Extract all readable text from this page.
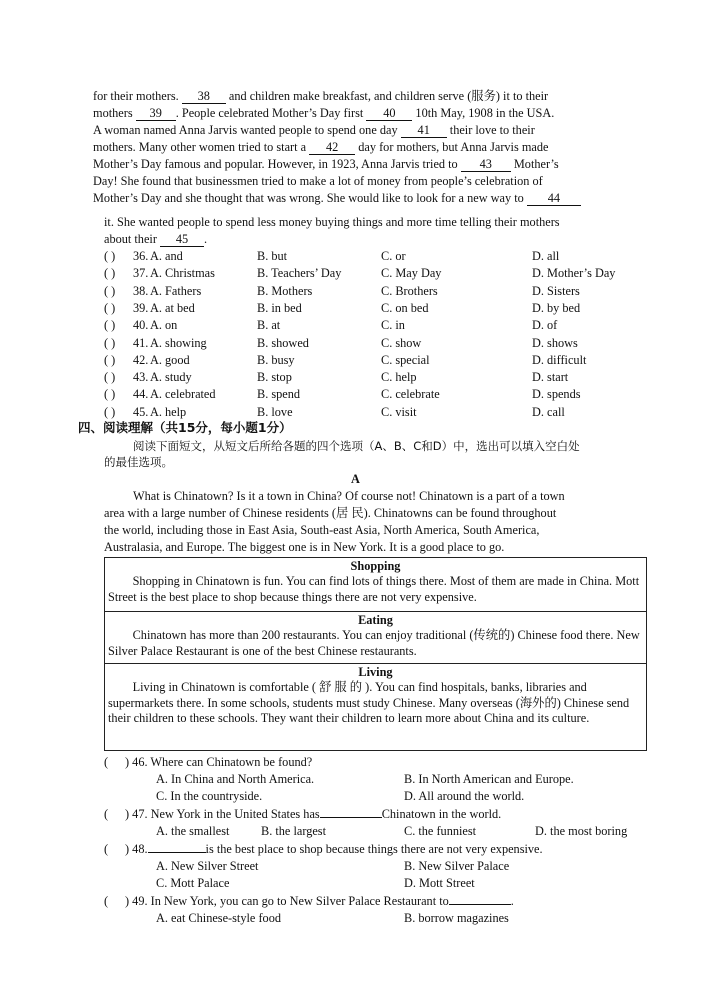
for their mothers. 38 and children make breakfast, and children serve (服务) it to their
mothers 39 . People celebrated Mother’s Day first 40 10th May, 1908 in the USA.
A woman named Anna Jarvis wanted people to spend one day 41 their love to their
mothers. Many other women tried to start a 42 day for mothers, but Anna Jarvis made
Mother’s Day famous and popular. However, in 1923, Anna Jarvis tried to 43 Mother’s
Day! She found that businessmen tried to make a lot of money from people’s celebration of
Mother’s Day and she thought that was wrong. She would like to look for a new way to 44
it. She wanted people to spend less money buying things and more time telling their mothers
about their 45 .
( ) 36. A. and	B. but	C. or	D. all
( ) 37. A. Christmas	B. Teachers’ Day	C. May Day	D. Mother’s Day
( ) 38. A. Fathers	B. Mothers	C. Brothers	D. Sisters
( ) 39. A. at bed	B. in bed	C. on bed	D. by bed
( ) 40. A. on	B. at	C. in	D. of
( ) 41. A. showing	B. showed	C. show	D. shows
( ) 42. A. good	B. busy	C. special	D. difficult
( ) 43. A. study	B. stop	C. help	D. start
( ) 44. A. celebrated	B. spend	C. celebrate	D. spends
( ) 45. A. help	B. love	C. visit	D. call
四、阅读理解（共15分，每小题1分）
阅读下面短文，从短文后所给各题的四个选项（A、B、C和D）中，选出可以填入空白处
的最佳选项。
A
What is Chinatown? Is it a town in China? Of course not! Chinatown is a part of a town
area with a large number of Chinese residents (居 民). Chinatowns can be found throughout
the world, including those in East Asia, South-east Asia, North America, South America,
Australasia, and Europe. The biggest one is in New York. It is a good place to go.
Shopping
Shopping in Chinatown is fun. You can find lots of things there. Most of them are made in China. Mott Street is the best place to shop because things there are not very expensive.
Eating
Chinatown has more than 200 restaurants. You can enjoy traditional (传统的) Chinese food there. New Silver Palace Restaurant is one of the best Chinese restaurants.
Living
Living in Chinatown is comfortable ( 舒 服 的 ). You can find hospitals, banks, libraries and supermarkets there. In some schools, students must study Chinese. Many overseas (海外的) Chinese send their children to these schools. They want their children to learn more about China and its culture.
( ) 46. Where can Chinatown be found?
A. In China and North America.	B. In North American and Europe.
C. In the countryside.	D. All around the world.
( ) 47. New York in the United States has	Chinatown in the world.
A. the smallest	B. the largest	C. the funniest	D. the most boring
( ) 48.	is the best place to shop because things there are not very expensive.
A. New Silver Street	B. New Silver Palace
C. Mott Palace	D. Mott Street
( ) 49. In New York, you can go to New Silver Palace Restaurant to	.
A. eat Chinese-style food	B. borrow magazines
